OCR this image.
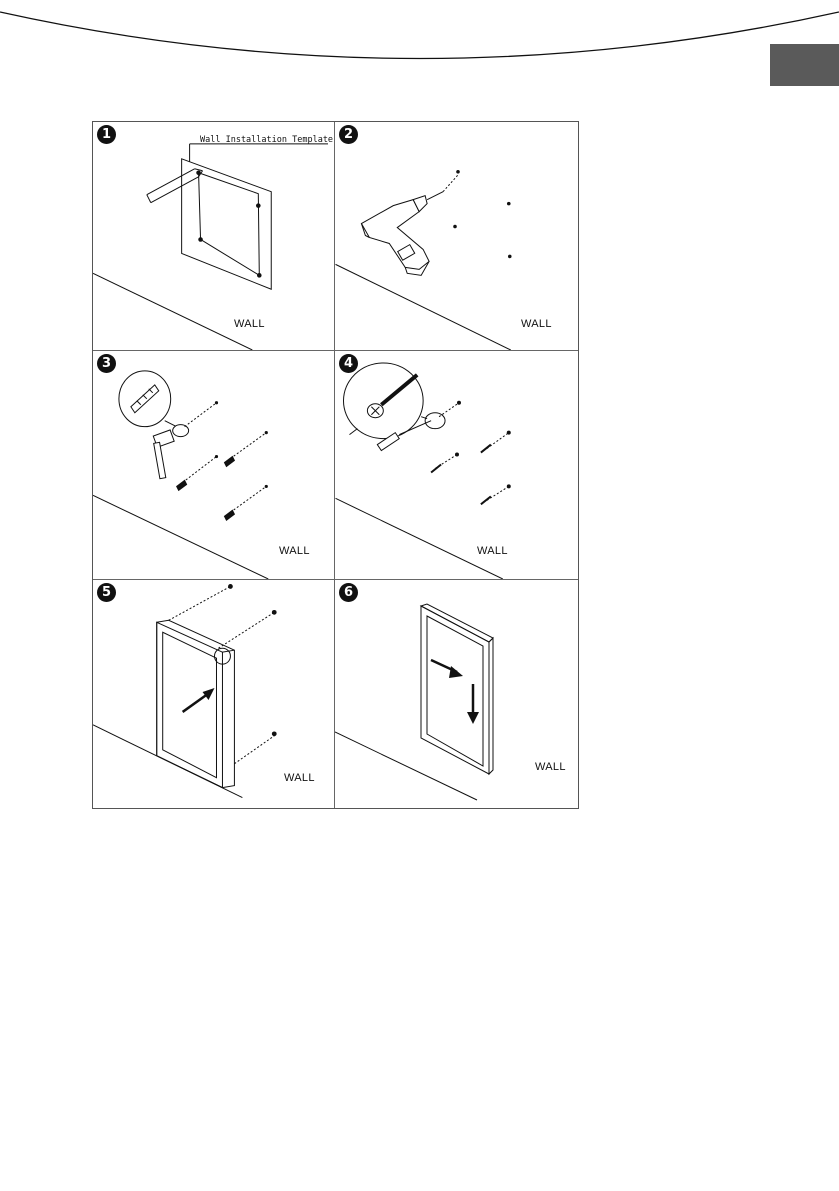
1	Wall Installation Template
WALL
2
WALL
3
WALL
4
WALL
5
WALL
6
WALL
